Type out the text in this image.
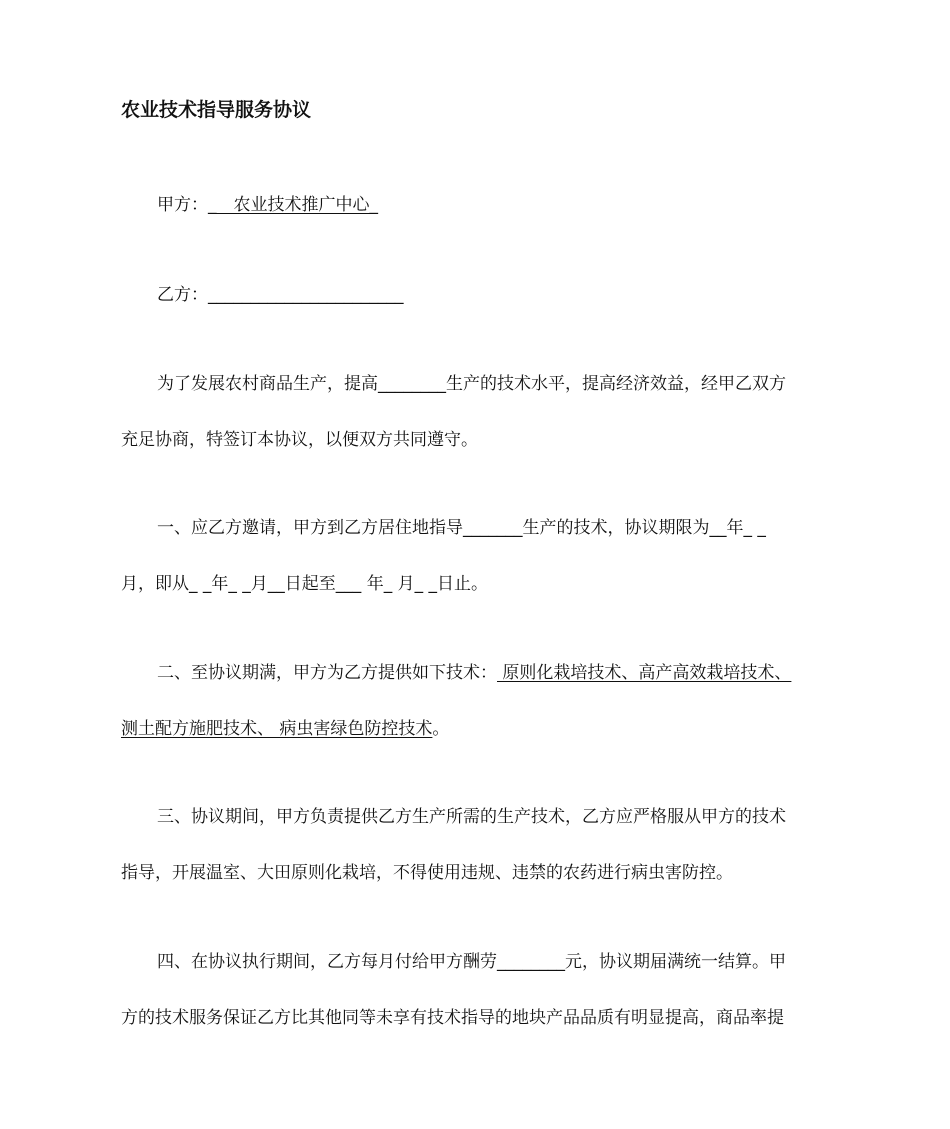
农业技术指导服务协议
甲方：_　农业技术推广中心_
乙方：_______________________
为了发展农村商品生产，提高________生产的技术水平，提高经济效益，经甲乙双方
充足协商，特签订本协议，以便双方共同遵守。
一、应乙方邀请，甲方到乙方居住地指导_______生产的技术，协议期限为__年_ _
月，即从_ _年_ _月__日起至___ 年_ 月_ _日止。
二、至协议期满，甲方为乙方提供如下技术： 原则化栽培技术、高产高效栽培技术、
测土配方施肥技术、 病虫害绿色防控技术。
三、协议期间，甲方负责提供乙方生产所需的生产技术，乙方应严格服从甲方的技术
指导，开展温室、大田原则化栽培，不得使用违规、违禁的农药进行病虫害防控。
四、在协议执行期间，乙方每月付给甲方酬劳________元，协议期届满统一结算。甲
方的技术服务保证乙方比其他同等未享有技术指导的地块产品品质有明显提高，商品率提
